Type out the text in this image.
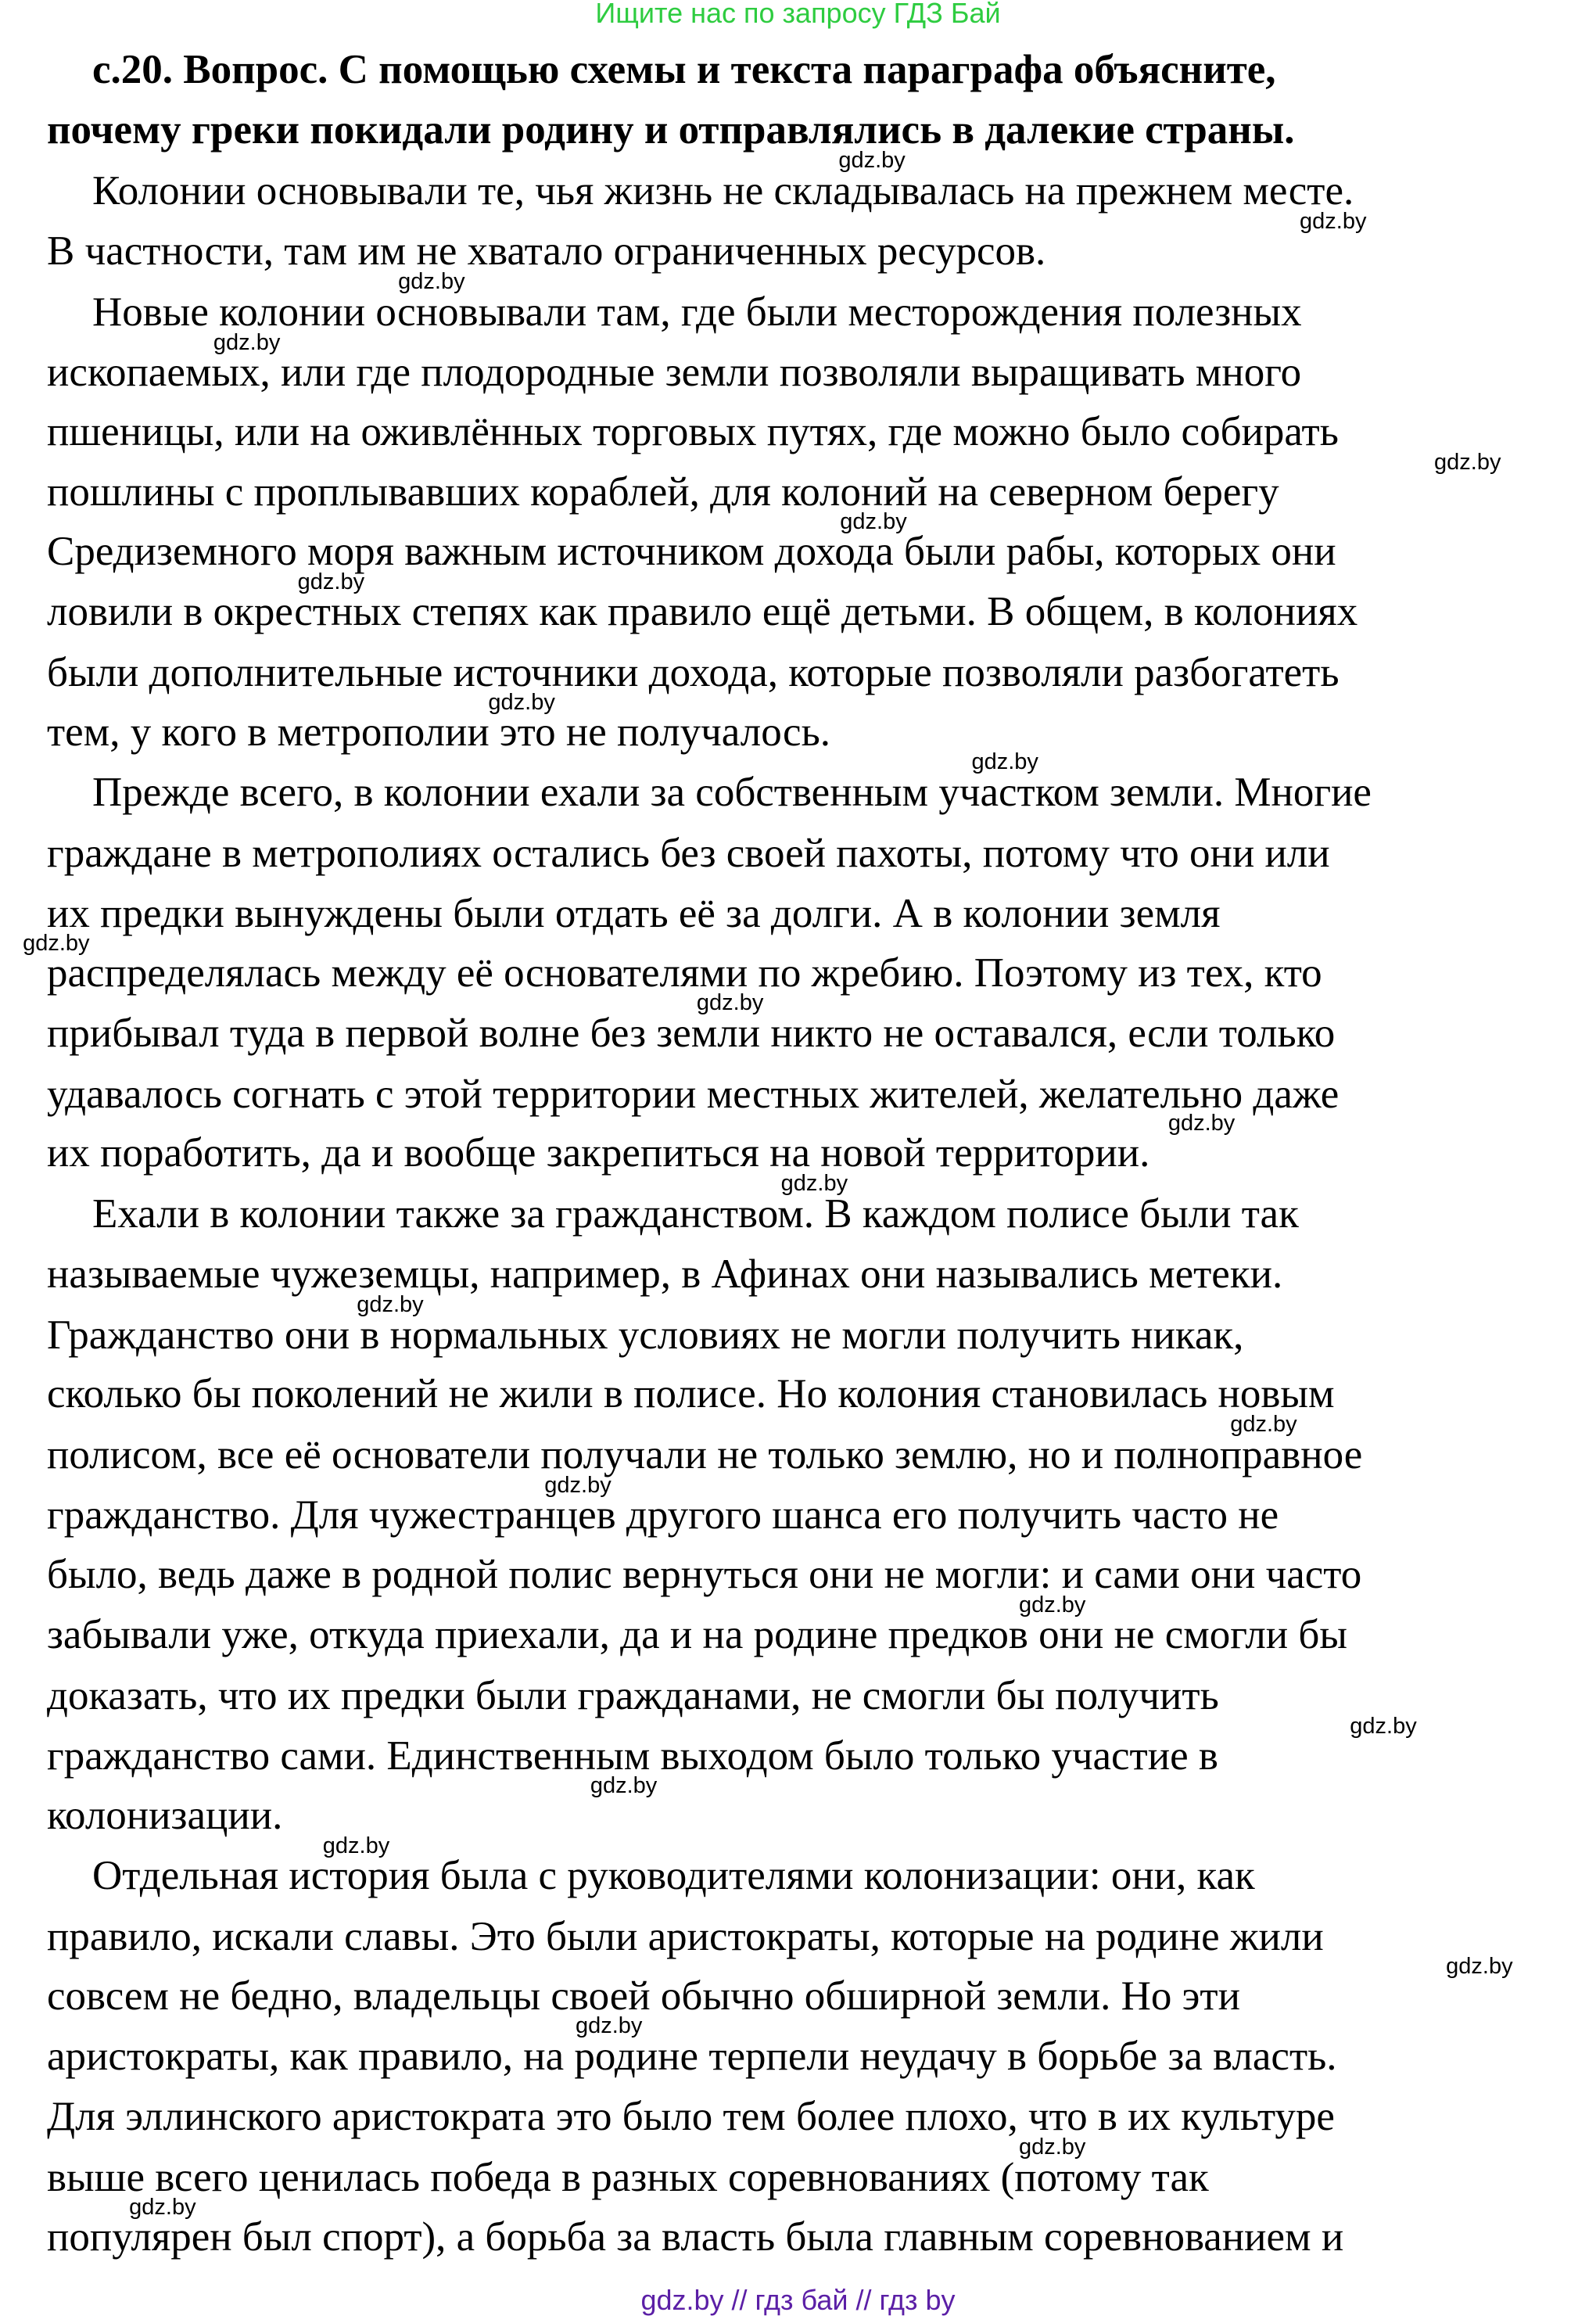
Ищите нас по запросу ГДЗ Бай
с.20. Вопрос. С помощью схемы и текста параграфа объясните,
почему греки покидали родину и отправлялись в далекие страны.
Колонии основывали те, чья жизнь не складывалась на прежнем месте.
В частности, там им не хватало ограниченных ресурсов.
Новые колонии основывали там, где были месторождения полезных
ископаемых, или где плодородные земли позволяли выращивать много
пшеницы, или на оживлённых торговых путях, где можно было собирать
пошлины с проплывавших кораблей, для колоний на северном берегу
Средиземного моря важным источником дохода были рабы, которых они
ловили в окрестных степях как правило ещё детьми. В общем, в колониях
были дополнительные источники дохода, которые позволяли разбогатеть
тем, у кого в метрополии это не получалось.
Прежде всего, в колонии ехали за собственным участком земли. Многие
граждане в метрополиях остались без своей пахоты, потому что они или
их предки вынуждены были отдать её за долги. А в колонии земля
распределялась между её основателями по жребию. Поэтому из тех, кто
прибывал туда в первой волне без земли никто не оставался, если только
удавалось согнать с этой территории местных жителей, желательно даже
их поработить, да и вообще закрепиться на новой территории.
Ехали в колонии также за гражданством. В каждом полисе были так
называемые чужеземцы, например, в Афинах они назывались метеки.
Гражданство они в нормальных условиях не могли получить никак,
сколько бы поколений не жили в полисе. Но колония становилась новым
полисом, все её основатели получали не только землю, но и полноправное
гражданство. Для чужестранцев другого шанса его получить часто не
было, ведь даже в родной полис вернуться они не могли: и сами они часто
забывали уже, откуда приехали, да и на родине предков они не смогли бы
доказать, что их предки были гражданами, не смогли бы получить
гражданство сами. Единственным выходом было только участие в
колонизации.
Отдельная история была с руководителями колонизации: они, как
правило, искали славы. Это были аристократы, которые на родине жили
совсем не бедно, владельцы своей обычно обширной земли. Но эти
аристократы, как правило, на родине терпели неудачу в борьбе за власть.
Для эллинского аристократа это было тем более плохо, что в их культуре
выше всего ценилась победа в разных соревнованиях (потому так
популярен был спорт), а борьба за власть была главным соревнованием и
gdz.by
gdz.by
gdz.by
gdz.by
gdz.by
gdz.by
gdz.by
gdz.by
gdz.by
gdz.by
gdz.by
gdz.by
gdz.by
gdz.by
gdz.by
gdz.by
gdz.by
gdz.by
gdz.by
gdz.by
gdz.by
gdz.by
gdz.by
gdz.by
gdz.by // гдз бай // гдз by
